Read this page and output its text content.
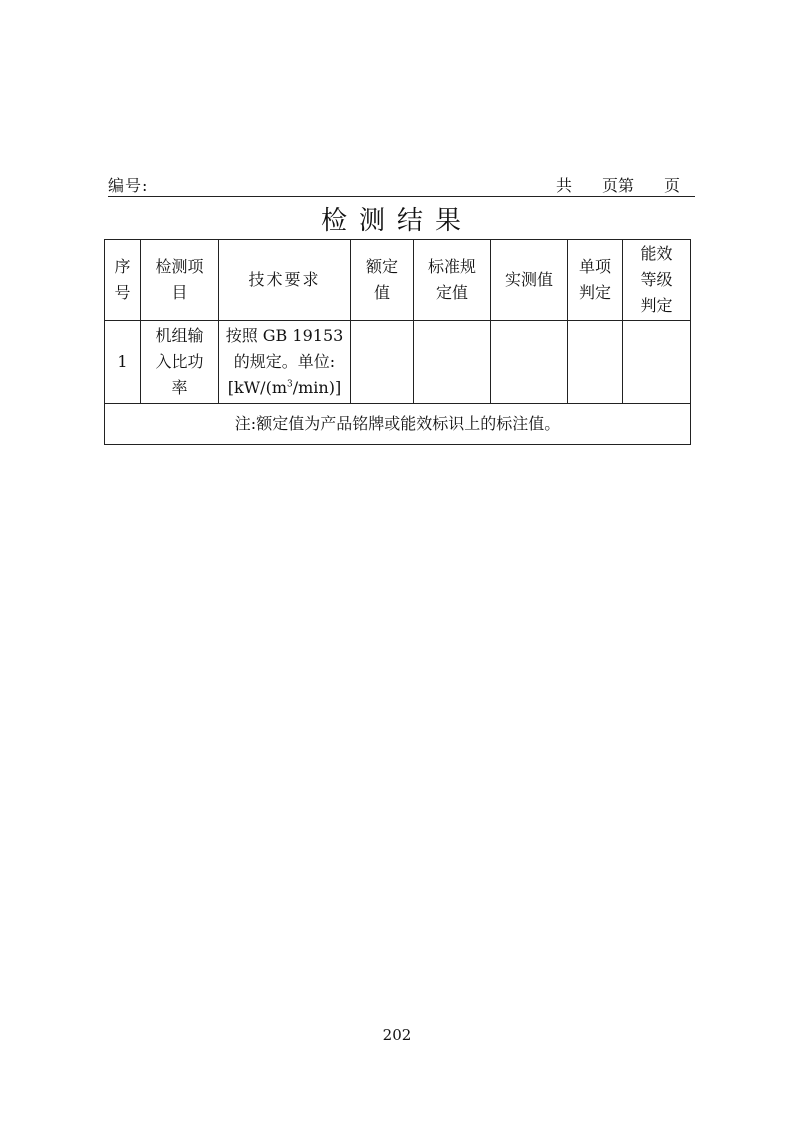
编号:	共 页第 页
检测结果
序号	检测项目	技术要求	额定值	标准规定值	实测值	单项判定	能效等级判定

1	机组输入比功率	按照 GB 19153
的规定。单位:
$[kW/(m^3/\min)]$					

注:额定值为产品铭牌或能效标识上的标注值。							
202
